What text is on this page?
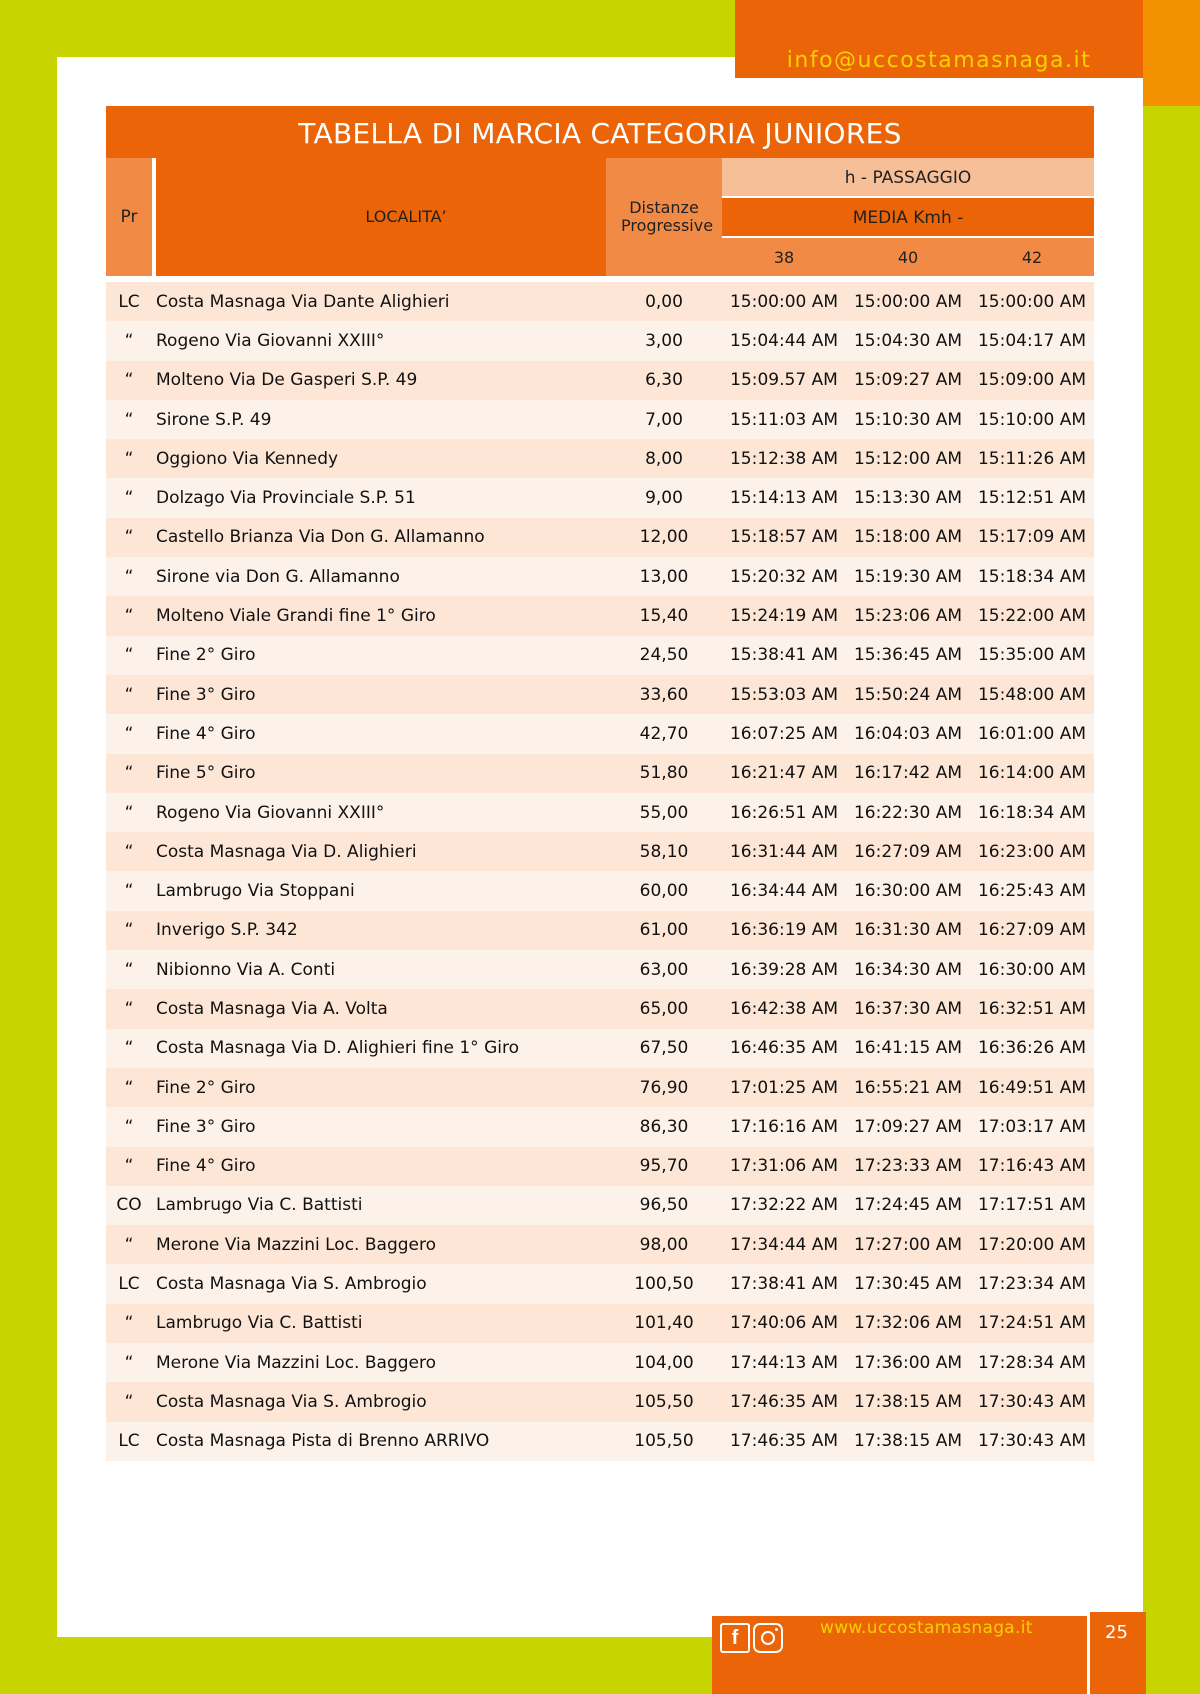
info@uccostamasnaga.it
TABELLA DI MARCIA CATEGORIA JUNIORES
Pr	LOCALITA’	Distanze Progressive
h - PASSAGGIO
MEDIA Kmh -
38	40	42
LC Costa Masnaga Via Dante Alighieri	0,00	15:00:00 AM 15:00:00 AM 15:00:00 AM
“	Rogeno Via Giovanni XXIII°	3,00	15:04:44 AM 15:04:30 AM 15:04:17 AM
“	Molteno Via De Gasperi S.P. 49	6,30	15:09.57 AM 15:09:27 AM 15:09:00 AM
“	Sirone S.P. 49	7,00	15:11:03 AM 15:10:30 AM 15:10:00 AM
“	Oggiono Via Kennedy	8,00	15:12:38 AM 15:12:00 AM 15:11:26 AM
“	Dolzago Via Provinciale S.P. 51	9,00	15:14:13 AM 15:13:30 AM 15:12:51 AM
“	Castello Brianza Via Don G. Allamanno	12,00	15:18:57 AM 15:18:00 AM 15:17:09 AM
“	Sirone via Don G. Allamanno	13,00	15:20:32 AM 15:19:30 AM 15:18:34 AM
“	Molteno Viale Grandi fine 1° Giro	15,40	15:24:19 AM 15:23:06 AM 15:22:00 AM
“	Fine 2° Giro	24,50	15:38:41 AM 15:36:45 AM 15:35:00 AM
“	Fine 3° Giro	33,60	15:53:03 AM 15:50:24 AM 15:48:00 AM
“	Fine 4° Giro	42,70	16:07:25 AM 16:04:03 AM 16:01:00 AM
“	Fine 5° Giro	51,80	16:21:47 AM 16:17:42 AM 16:14:00 AM
“	Rogeno Via Giovanni XXIII°	55,00	16:26:51 AM 16:22:30 AM 16:18:34 AM
“	Costa Masnaga Via D. Alighieri	58,10	16:31:44 AM 16:27:09 AM 16:23:00 AM
“	Lambrugo Via Stoppani	60,00	16:34:44 AM 16:30:00 AM 16:25:43 AM
“	Inverigo S.P. 342	61,00	16:36:19 AM 16:31:30 AM 16:27:09 AM
“	Nibionno Via A. Conti	63,00	16:39:28 AM 16:34:30 AM 16:30:00 AM
“	Costa Masnaga Via A. Volta	65,00	16:42:38 AM 16:37:30 AM 16:32:51 AM
“	Costa Masnaga Via D. Alighieri fine 1° Giro	67,50	16:46:35 AM 16:41:15 AM 16:36:26 AM
“	Fine 2° Giro	76,90	17:01:25 AM 16:55:21 AM 16:49:51 AM
“	Fine 3° Giro	86,30	17:16:16 AM 17:09:27 AM 17:03:17 AM
“	Fine 4° Giro	95,70	17:31:06 AM 17:23:33 AM 17:16:43 AM
CO Lambrugo Via C. Battisti	96,50	17:32:22 AM 17:24:45 AM 17:17:51 AM
“	Merone Via Mazzini Loc. Baggero	98,00	17:34:44 AM 17:27:00 AM 17:20:00 AM
LC Costa Masnaga Via S. Ambrogio	100,50	17:38:41 AM 17:30:45 AM 17:23:34 AM
“	Lambrugo Via C. Battisti	101,40	17:40:06 AM 17:32:06 AM 17:24:51 AM
“	Merone Via Mazzini Loc. Baggero	104,00	17:44:13 AM 17:36:00 AM 17:28:34 AM
“	Costa Masnaga Via S. Ambrogio	105,50	17:46:35 AM 17:38:15 AM 17:30:43 AM
LC Costa Masnaga Pista di Brenno ARRIVO	105,50	17:46:35 AM 17:38:15 AM 17:30:43 AM
f	www.uccostamasnaga.it	25
